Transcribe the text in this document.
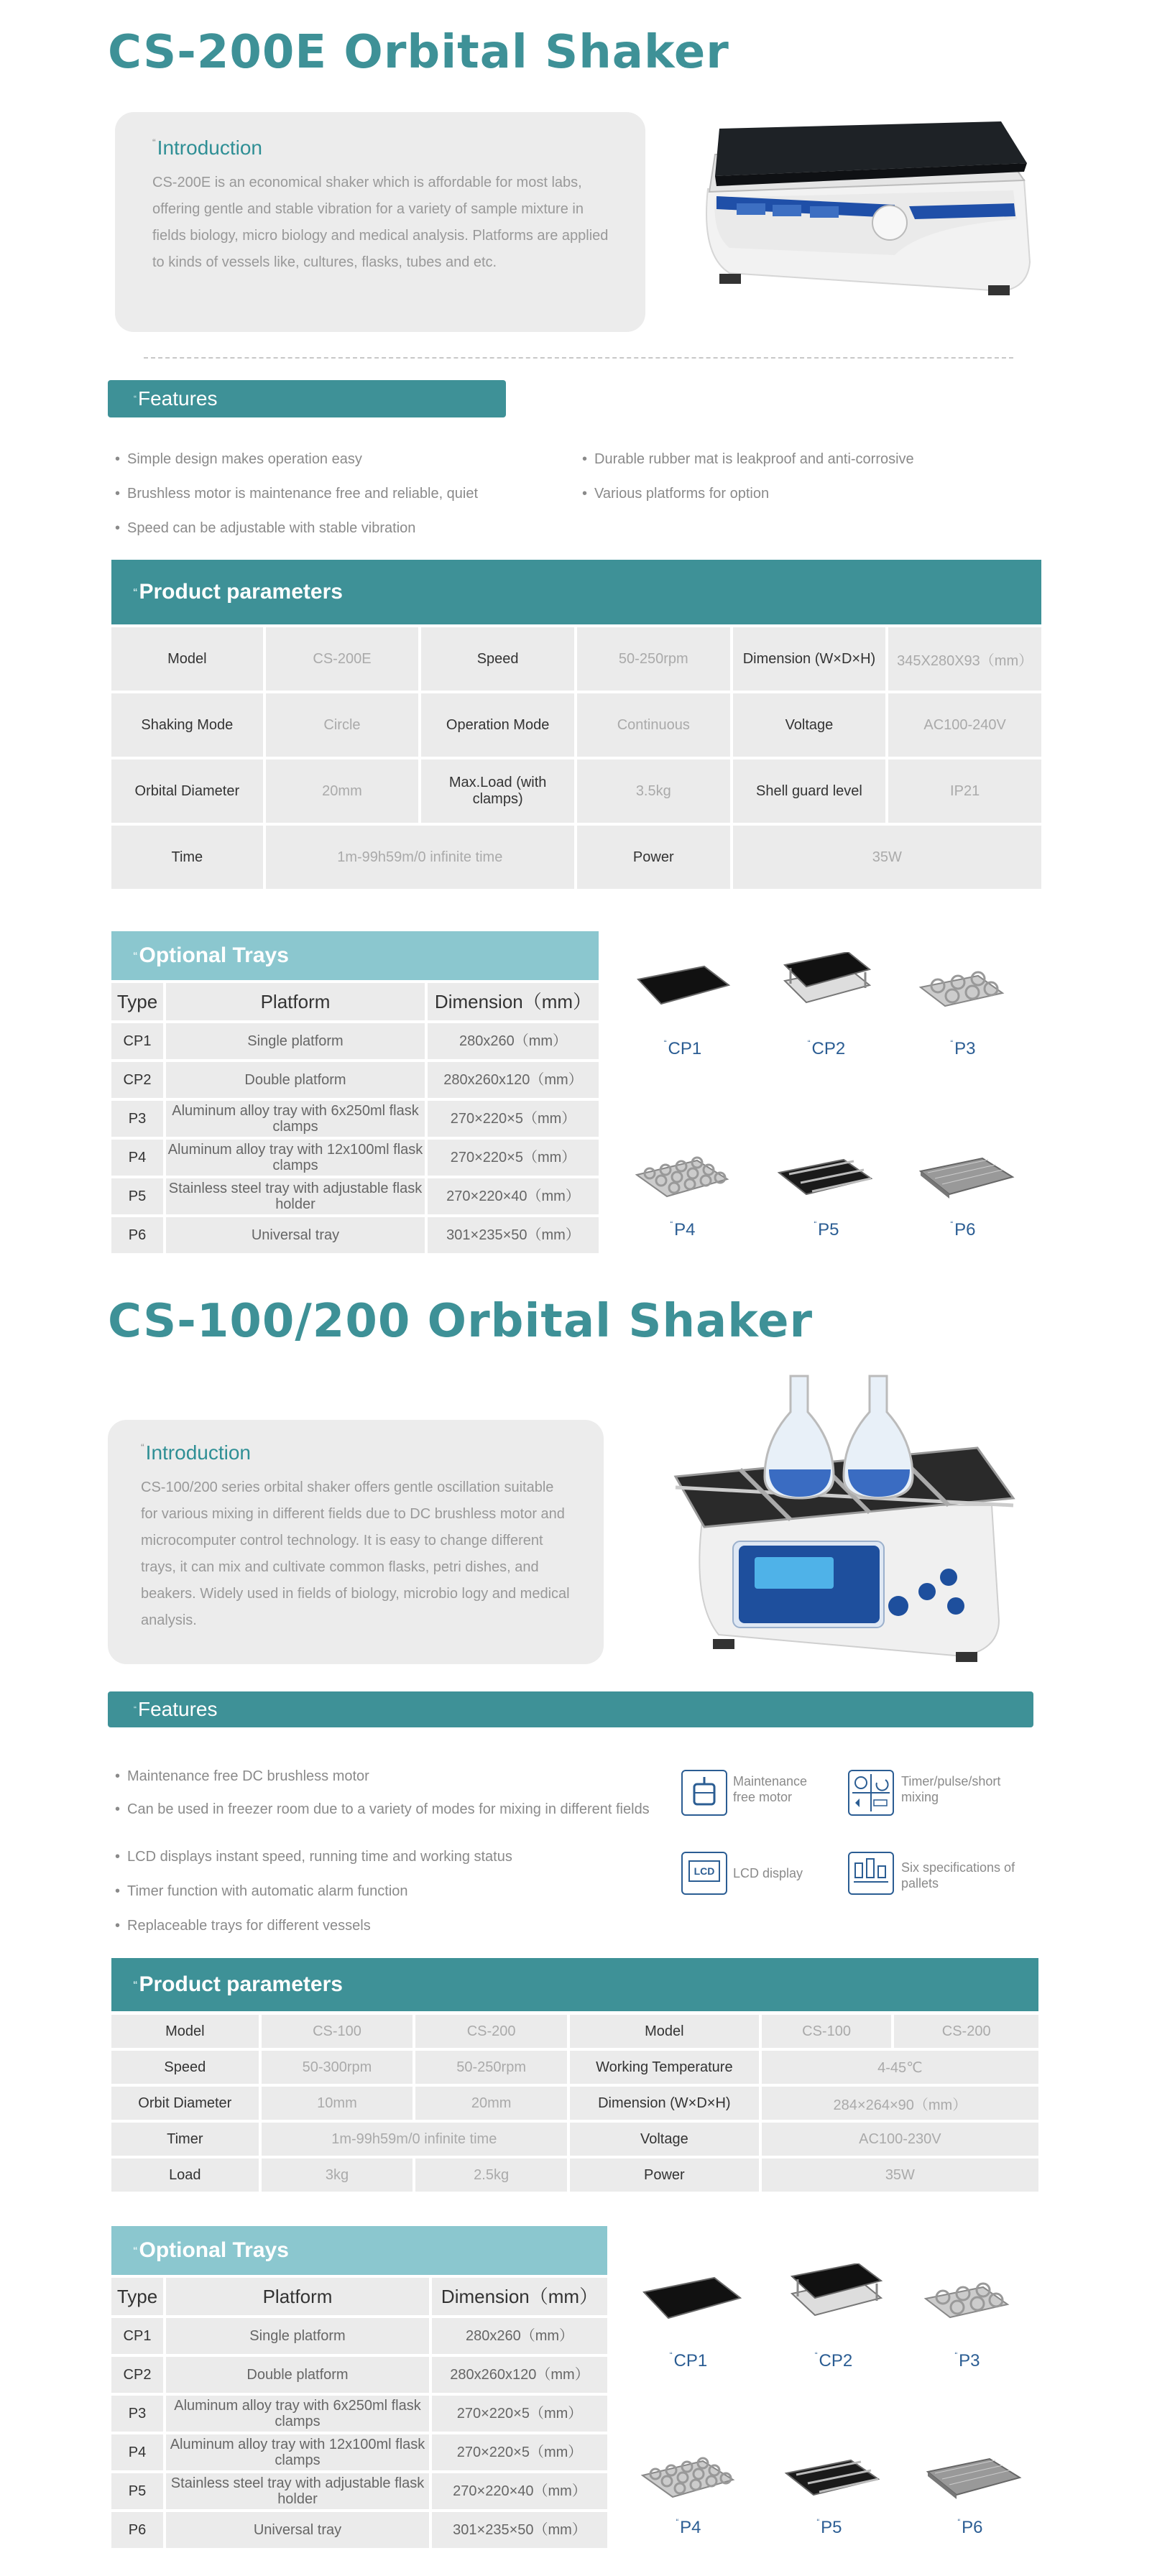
CS-200E Orbital Shaker
“Introduction

CS-200E is an economical shaker which is affordable for most labs, offering gentle and stable vibration for a variety of sample mixture in fields biology, micro biology and medical analysis. Platforms are applied to kinds of vessels like, cultures, flasks, tubes and etc.

“Features
• Simple design makes operation easy	• Durable rubber mat is leakproof and anti-corrosive
• Brushless motor is maintenance free and reliable, quiet	• Various platforms for option
• Speed can be adjustable with stable vibration
“Product parameters
Model	CS-200E	Speed	50-250rpm	Dimension (W×D×H)	345X280X93（mm）
Shaking Mode	Circle	Operation Mode	Continuous	Voltage	AC100-240V
Orbital Diameter	20mm	Max.Load (with clamps)	3.5kg	Shell guard level	IP21
Time	1m-99h59m/0 infinite time		Power	35W	
“Optional Trays
Type	Platform	Dimension（mm）
CP1	Single platform	280x260（mm）
CP2	Double platform	280x260x120（mm）
P3	Aluminum alloy tray with 6x250ml flask clamps	270×220×5（mm）
P4	Aluminum alloy tray with 12x100ml flask clamps	270×220×5（mm）
P5	Stainless steel tray with adjustable flask holder	270×220×40（mm）
P6	Universal tray	301×235×50（mm）
“CP1	“CP2	“P3
“P4	“P5	“P6
CS-100/200 Orbital Shaker
“Introduction

CS-100/200 series orbital shaker offers gentle oscillation suitable for various mixing in different fields due to DC brushless motor and microcomputer control technology. It is easy to change different trays, it can mix and cultivate common flasks, petri dishes, and beakers. Widely used in fields of biology, microbio logy and medical analysis.

“Features
• Maintenance free DC brushless motor
• Can be used in freezer room due to a variety of modes for mixing in different fields
• LCD displays instant speed, running time and working status
• Timer function with automatic alarm function
• Replaceable trays for different vessels
Maintenance free motor
Timer/pulse/short mixing
LCD	LCD display	Six specifications of pallets
“Product parameters
Model	CS-100	CS-200	Model	CS-100	CS-200
Speed	50-300rpm	50-250rpm	Working Temperature	4-45℃	
Orbit Diameter	10mm	20mm	Dimension (W×D×H)	284×264×90（mm）	
Timer	1m-99h59m/0 infinite time		Voltage	AC100-230V	
Load	3kg	2.5kg	Power	35W	
“Optional Trays
Type	Platform	Dimension（mm）
CP1	Single platform	280x260（mm）
CP2	Double platform	280x260x120（mm）
P3	Aluminum alloy tray with 6x250ml flask clamps	270×220×5（mm）
P4	Aluminum alloy tray with 12x100ml flask clamps	270×220×5（mm）
P5	Stainless steel tray with adjustable flask holder	270×220×40（mm）
P6	Universal tray	301×235×50（mm）
“CP1	“CP2	“P3
“P4	“P5	“P6
